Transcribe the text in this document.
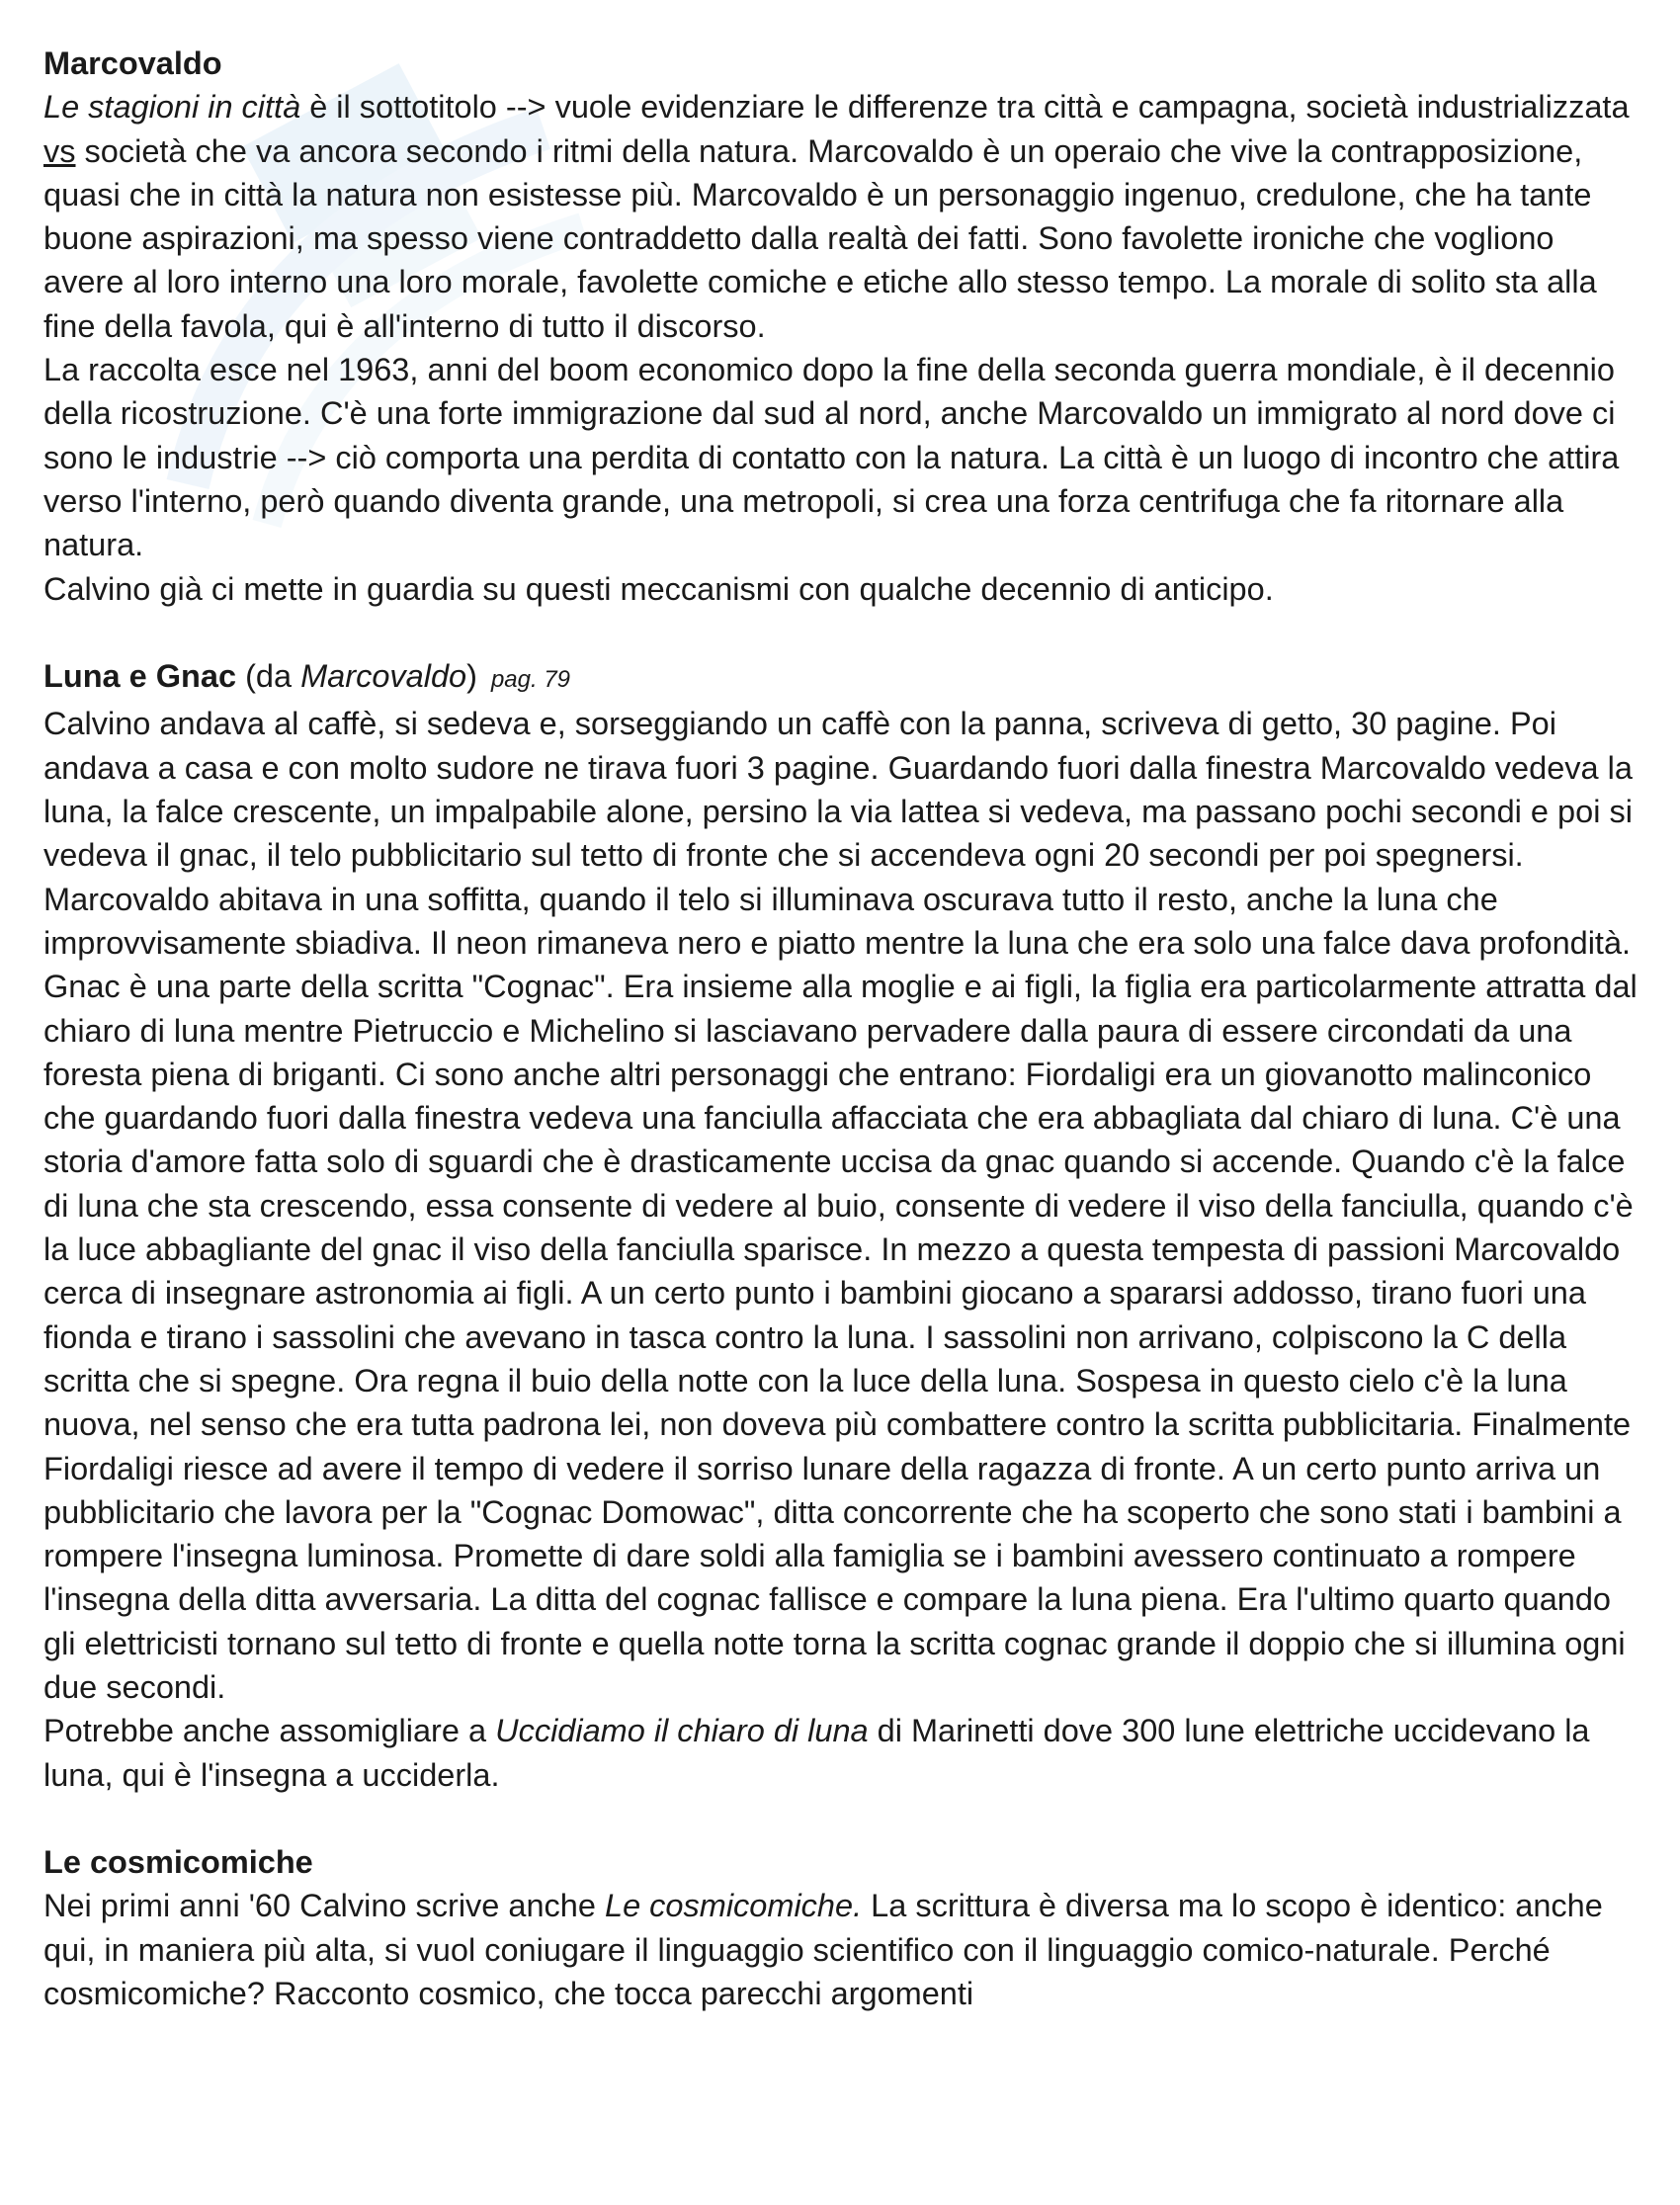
Marcovaldo

Le stagioni in città è il sottotitolo --> vuole evidenziare le differenze tra città e campagna, società industrializzata vs società che va ancora secondo i ritmi della natura. Marcovaldo è un operaio che vive la contrapposizione, quasi che in città la natura non esistesse più. Marcovaldo è un personaggio ingenuo, credulone, che ha tante buone aspirazioni, ma spesso viene contraddetto dalla realtà dei fatti. Sono favolette ironiche che vogliono avere al loro interno una loro morale, favolette comiche e etiche allo stesso tempo. La morale di solito sta alla fine della favola, qui è all'interno di tutto il discorso.

La raccolta esce nel 1963, anni del boom economico dopo la fine della seconda guerra mondiale, è il decennio della ricostruzione. C'è una forte immigrazione dal sud al nord, anche Marcovaldo un immigrato al nord dove ci sono le industrie --> ciò comporta una perdita di contatto con la natura. La città è un luogo di incontro che attira verso l'interno, però quando diventa grande, una metropoli, si crea una forza centrifuga che fa ritornare alla natura.

Calvino già ci mette in guardia su questi meccanismi con qualche decennio di anticipo.

Luna e Gnac (da Marcovaldo) pag. 79

Calvino andava al caffè, si sedeva e, sorseggiando un caffè con la panna, scriveva di getto, 30 pagine. Poi andava a casa e con molto sudore ne tirava fuori 3 pagine. Guardando fuori dalla finestra Marcovaldo vedeva la luna, la falce crescente, un impalpabile alone, persino la via lattea si vedeva, ma passano pochi secondi e poi si vedeva il gnac, il telo pubblicitario sul tetto di fronte che si accendeva ogni 20 secondi per poi spegnersi. Marcovaldo abitava in una soffitta, quando il telo si illuminava oscurava tutto il resto, anche la luna che improvvisamente sbiadiva. Il neon rimaneva nero e piatto mentre la luna che era solo una falce dava profondità. Gnac è una parte della scritta "Cognac". Era insieme alla moglie e ai figli, la figlia era particolarmente attratta dal chiaro di luna mentre Pietruccio e Michelino si lasciavano pervadere dalla paura di essere circondati da una foresta piena di briganti. Ci sono anche altri personaggi che entrano: Fiordaligi era un giovanotto malinconico che guardando fuori dalla finestra vedeva una fanciulla affacciata che era abbagliata dal chiaro di luna. C'è una storia d'amore fatta solo di sguardi che è drasticamente uccisa da gnac quando si accende. Quando c'è la falce di luna che sta crescendo, essa consente di vedere al buio, consente di vedere il viso della fanciulla, quando c'è la luce abbagliante del gnac il viso della fanciulla sparisce. In mezzo a questa tempesta di passioni Marcovaldo cerca di insegnare astronomia ai figli. A un certo punto i bambini giocano a spararsi addosso, tirano fuori una fionda e tirano i sassolini che avevano in tasca contro la luna. I sassolini non arrivano, colpiscono la C della scritta che si spegne. Ora regna il buio della notte con la luce della luna. Sospesa in questo cielo c'è la luna nuova, nel senso che era tutta padrona lei, non doveva più combattere contro la scritta pubblicitaria. Finalmente Fiordaligi riesce ad avere il tempo di vedere il sorriso lunare della ragazza di fronte. A un certo punto arriva un pubblicitario che lavora per la "Cognac Domowac", ditta concorrente che ha scoperto che sono stati i bambini a rompere l'insegna luminosa. Promette di dare soldi alla famiglia se i bambini avessero continuato a rompere l'insegna della ditta avversaria. La ditta del cognac fallisce e compare la luna piena. Era l'ultimo quarto quando gli elettricisti tornano sul tetto di fronte e quella notte torna la scritta cognac grande il doppio che si illumina ogni due secondi.

Potrebbe anche assomigliare a Uccidiamo il chiaro di luna di Marinetti dove 300 lune elettriche uccidevano la luna, qui è l'insegna a ucciderla.

Le cosmicomiche

Nei primi anni '60 Calvino scrive anche Le cosmicomiche. La scrittura è diversa ma lo scopo è identico: anche qui, in maniera più alta, si vuol coniugare il linguaggio scientifico con il linguaggio comico-naturale. Perché cosmicomiche? Racconto cosmico, che tocca parecchi argomenti
